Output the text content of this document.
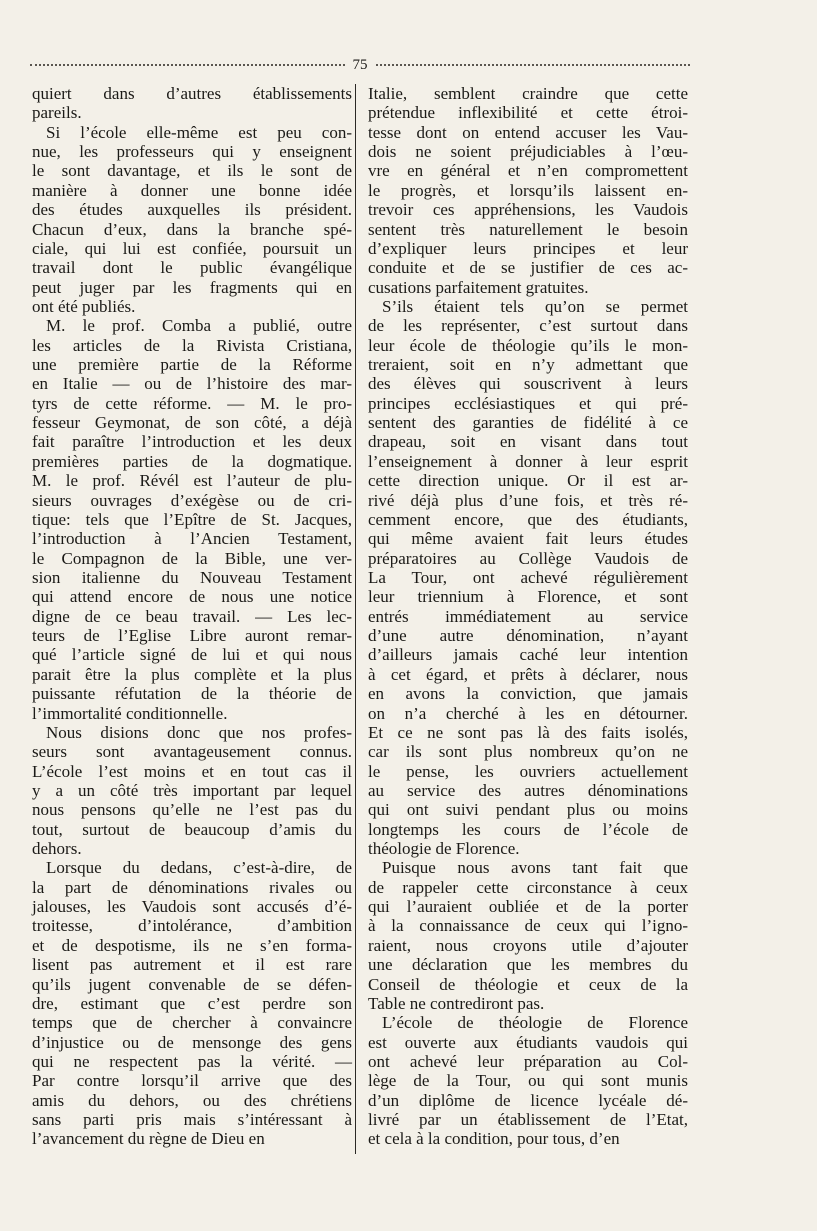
75
quiert dans d’autres établissements
pareils.
Si l’école elle-même est peu con-
nue, les professeurs qui y enseignent
le sont davantage, et ils le sont de
manière à donner une bonne idée
des études auxquelles ils président.
Chacun d’eux, dans la branche spé-
ciale, qui lui est confiée, poursuit un
travail dont le public évangélique
peut juger par les fragments qui en
ont été publiés.
M. le prof. Comba a publié, outre
les articles de la Rivista Cristiana,
une première partie de la Réforme
en Italie — ou de l’histoire des mar-
tyrs de cette réforme. — M. le pro-
fesseur Geymonat, de son côté, a déjà
fait paraître l’introduction et les deux
premières parties de la dogmatique.
M. le prof. Révél est l’auteur de plu-
sieurs ouvrages d’exégèse ou de cri-
tique: tels que l’Epître de St. Jacques,
l’introduction à l’Ancien Testament,
le Compagnon de la Bible, une ver-
sion italienne du Nouveau Testament
qui attend encore de nous une notice
digne de ce beau travail. — Les lec-
teurs de l’Eglise Libre auront remar-
qué l’article signé de lui et qui nous
parait être la plus complète et la plus
puissante réfutation de la théorie de
l’immortalité conditionnelle.
Nous disions donc que nos profes-
seurs sont avantageusement connus.
L’école l’est moins et en tout cas il
y a un côté très important par lequel
nous pensons qu’elle ne l’est pas du
tout, surtout de beaucoup d’amis du
dehors.
Lorsque du dedans, c’est-à-dire, de
la part de dénominations rivales ou
jalouses, les Vaudois sont accusés d’é-
troitesse, d’intolérance, d’ambition
et de despotisme, ils ne s’en forma-
lisent pas autrement et il est rare
qu’ils jugent convenable de se défen-
dre, estimant que c’est perdre son
temps que de chercher à convaincre
d’injustice ou de mensonge des gens
qui ne respectent pas la vérité. —
Par contre lorsqu’il arrive que des
amis du dehors, ou des chrétiens
sans parti pris mais s’intéressant à
l’avancement du règne de Dieu en
Italie, semblent craindre que cette
prétendue inflexibilité et cette étroi-
tesse dont on entend accuser les Vau-
dois ne soient préjudiciables à l’œu-
vre en général et n’en compromettent
le progrès, et lorsqu’ils laissent en-
trevoir ces appréhensions, les Vaudois
sentent très naturellement le besoin
d’expliquer leurs principes et leur
conduite et de se justifier de ces ac-
cusations parfaitement gratuites.
S’ils étaient tels qu’on se permet
de les représenter, c’est surtout dans
leur école de théologie qu’ils le mon-
treraient, soit en n’y admettant que
des élèves qui souscrivent à leurs
principes ecclésiastiques et qui pré-
sentent des garanties de fidélité à ce
drapeau, soit en visant dans tout
l’enseignement à donner à leur esprit
cette direction unique. Or il est ar-
rivé déjà plus d’une fois, et très ré-
cemment encore, que des étudiants,
qui même avaient fait leurs études
préparatoires au Collège Vaudois de
La Tour, ont achevé régulièrement
leur triennium à Florence, et sont
entrés immédiatement au service
d’une autre dénomination, n’ayant
d’ailleurs jamais caché leur intention
à cet égard, et prêts à déclarer, nous
en avons la conviction, que jamais
on n’a cherché à les en détourner.
Et ce ne sont pas là des faits isolés,
car ils sont plus nombreux qu’on ne
le pense, les ouvriers actuellement
au service des autres dénominations
qui ont suivi pendant plus ou moins
longtemps les cours de l’école de
théologie de Florence.
Puisque nous avons tant fait que
de rappeler cette circonstance à ceux
qui l’auraient oubliée et de la porter
à la connaissance de ceux qui l’igno-
raient, nous croyons utile d’ajouter
une déclaration que les membres du
Conseil de théologie et ceux de la
Table ne contrediront pas.
L’école de théologie de Florence
est ouverte aux étudiants vaudois qui
ont achevé leur préparation au Col-
lège de la Tour, ou qui sont munis
d’un diplôme de licence lycéale dé-
livré par un établissement de l’Etat,
et cela à la condition, pour tous, d’en
